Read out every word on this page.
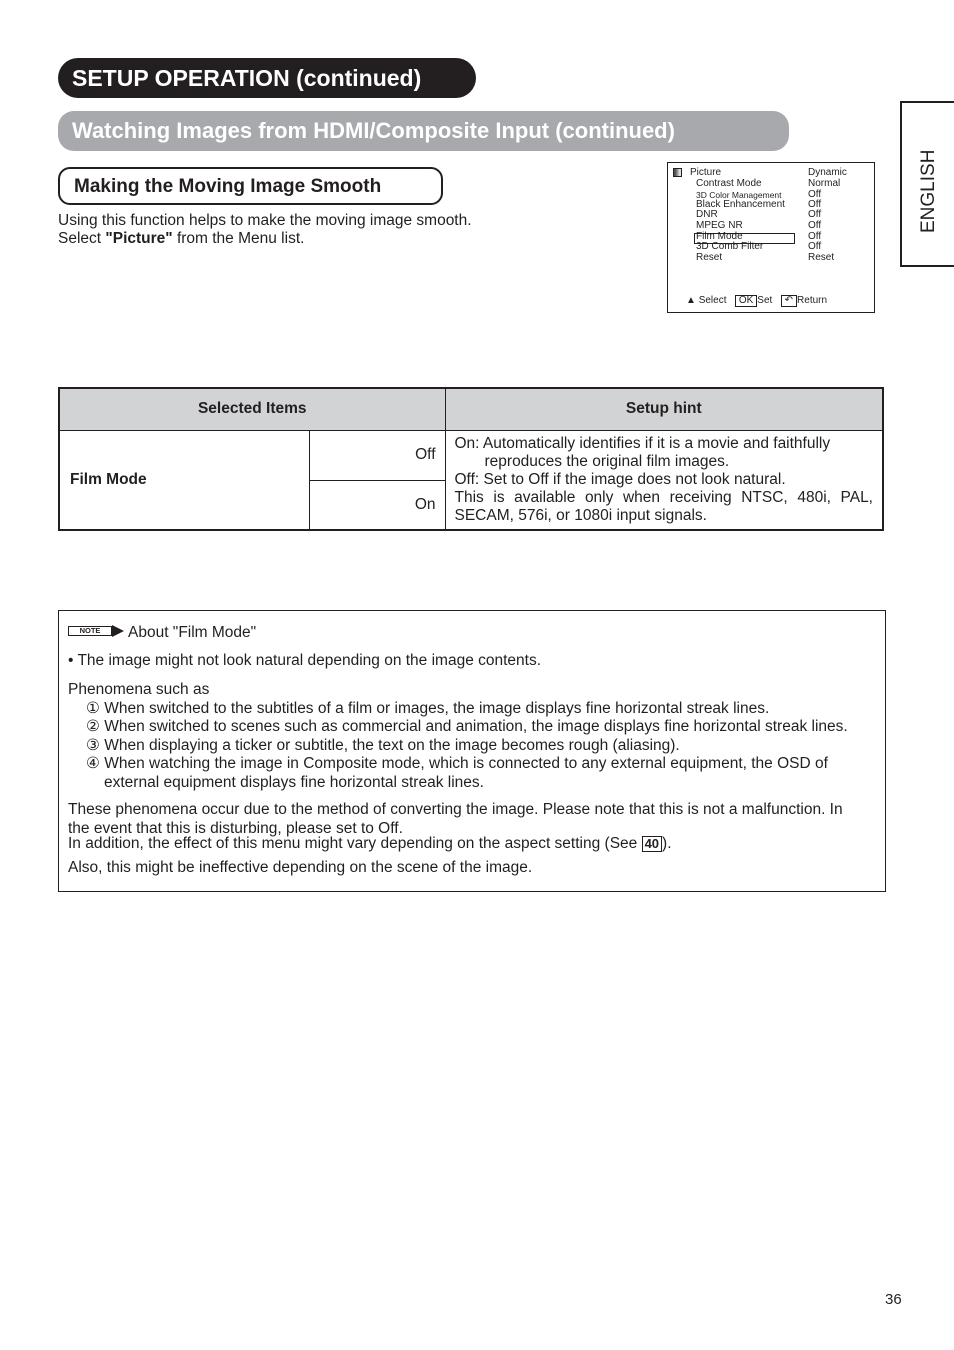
SETUP OPERATION (continued)
Watching Images from HDMI/Composite Input (continued)
ENGLISH
Making the Moving Image Smooth
Using this function helps to make the moving image smooth.
Select "Picture" from the Menu list.
Picture	Dynamic
Contrast Mode	Normal
3D Color Management	Off
Black Enhancement Off
DNR	Off
MPEG NR	Off
Film Mode	Off
3D Comb Filter	Off
Reset	Reset
▲︎ Select OK Set ↶ Return
Selected Items		Setup hint
Film Mode	Off	On: Automatically identifies if it is a movie and faithfully
reproduces the original film images.
Off: Set to Off if the image does not look natural.
This is available only when receiving NTSC, 480i, PAL, SECAM, 576i, or 1080i input signals.

	On	
NOTE About "Film Mode"
• The image might not look natural depending on the image contents.
Phenomena such as
① When switched to the subtitles of a film or images, the image displays fine horizontal streak lines.
② When switched to scenes such as commercial and animation, the image displays fine horizontal streak lines.
③ When displaying a ticker or subtitle, the text on the image becomes rough (aliasing).
④ When watching the image in Composite mode, which is connected to any external equipment, the OSD of
external equipment displays fine horizontal streak lines.
These phenomena occur due to the method of converting the image. Please note that this is not a malfunction. In
the event that this is disturbing, please set to Off.
In addition, the effect of this menu might vary depending on the aspect setting (See 40 ).
Also, this might be ineffective depending on the scene of the image.
36
